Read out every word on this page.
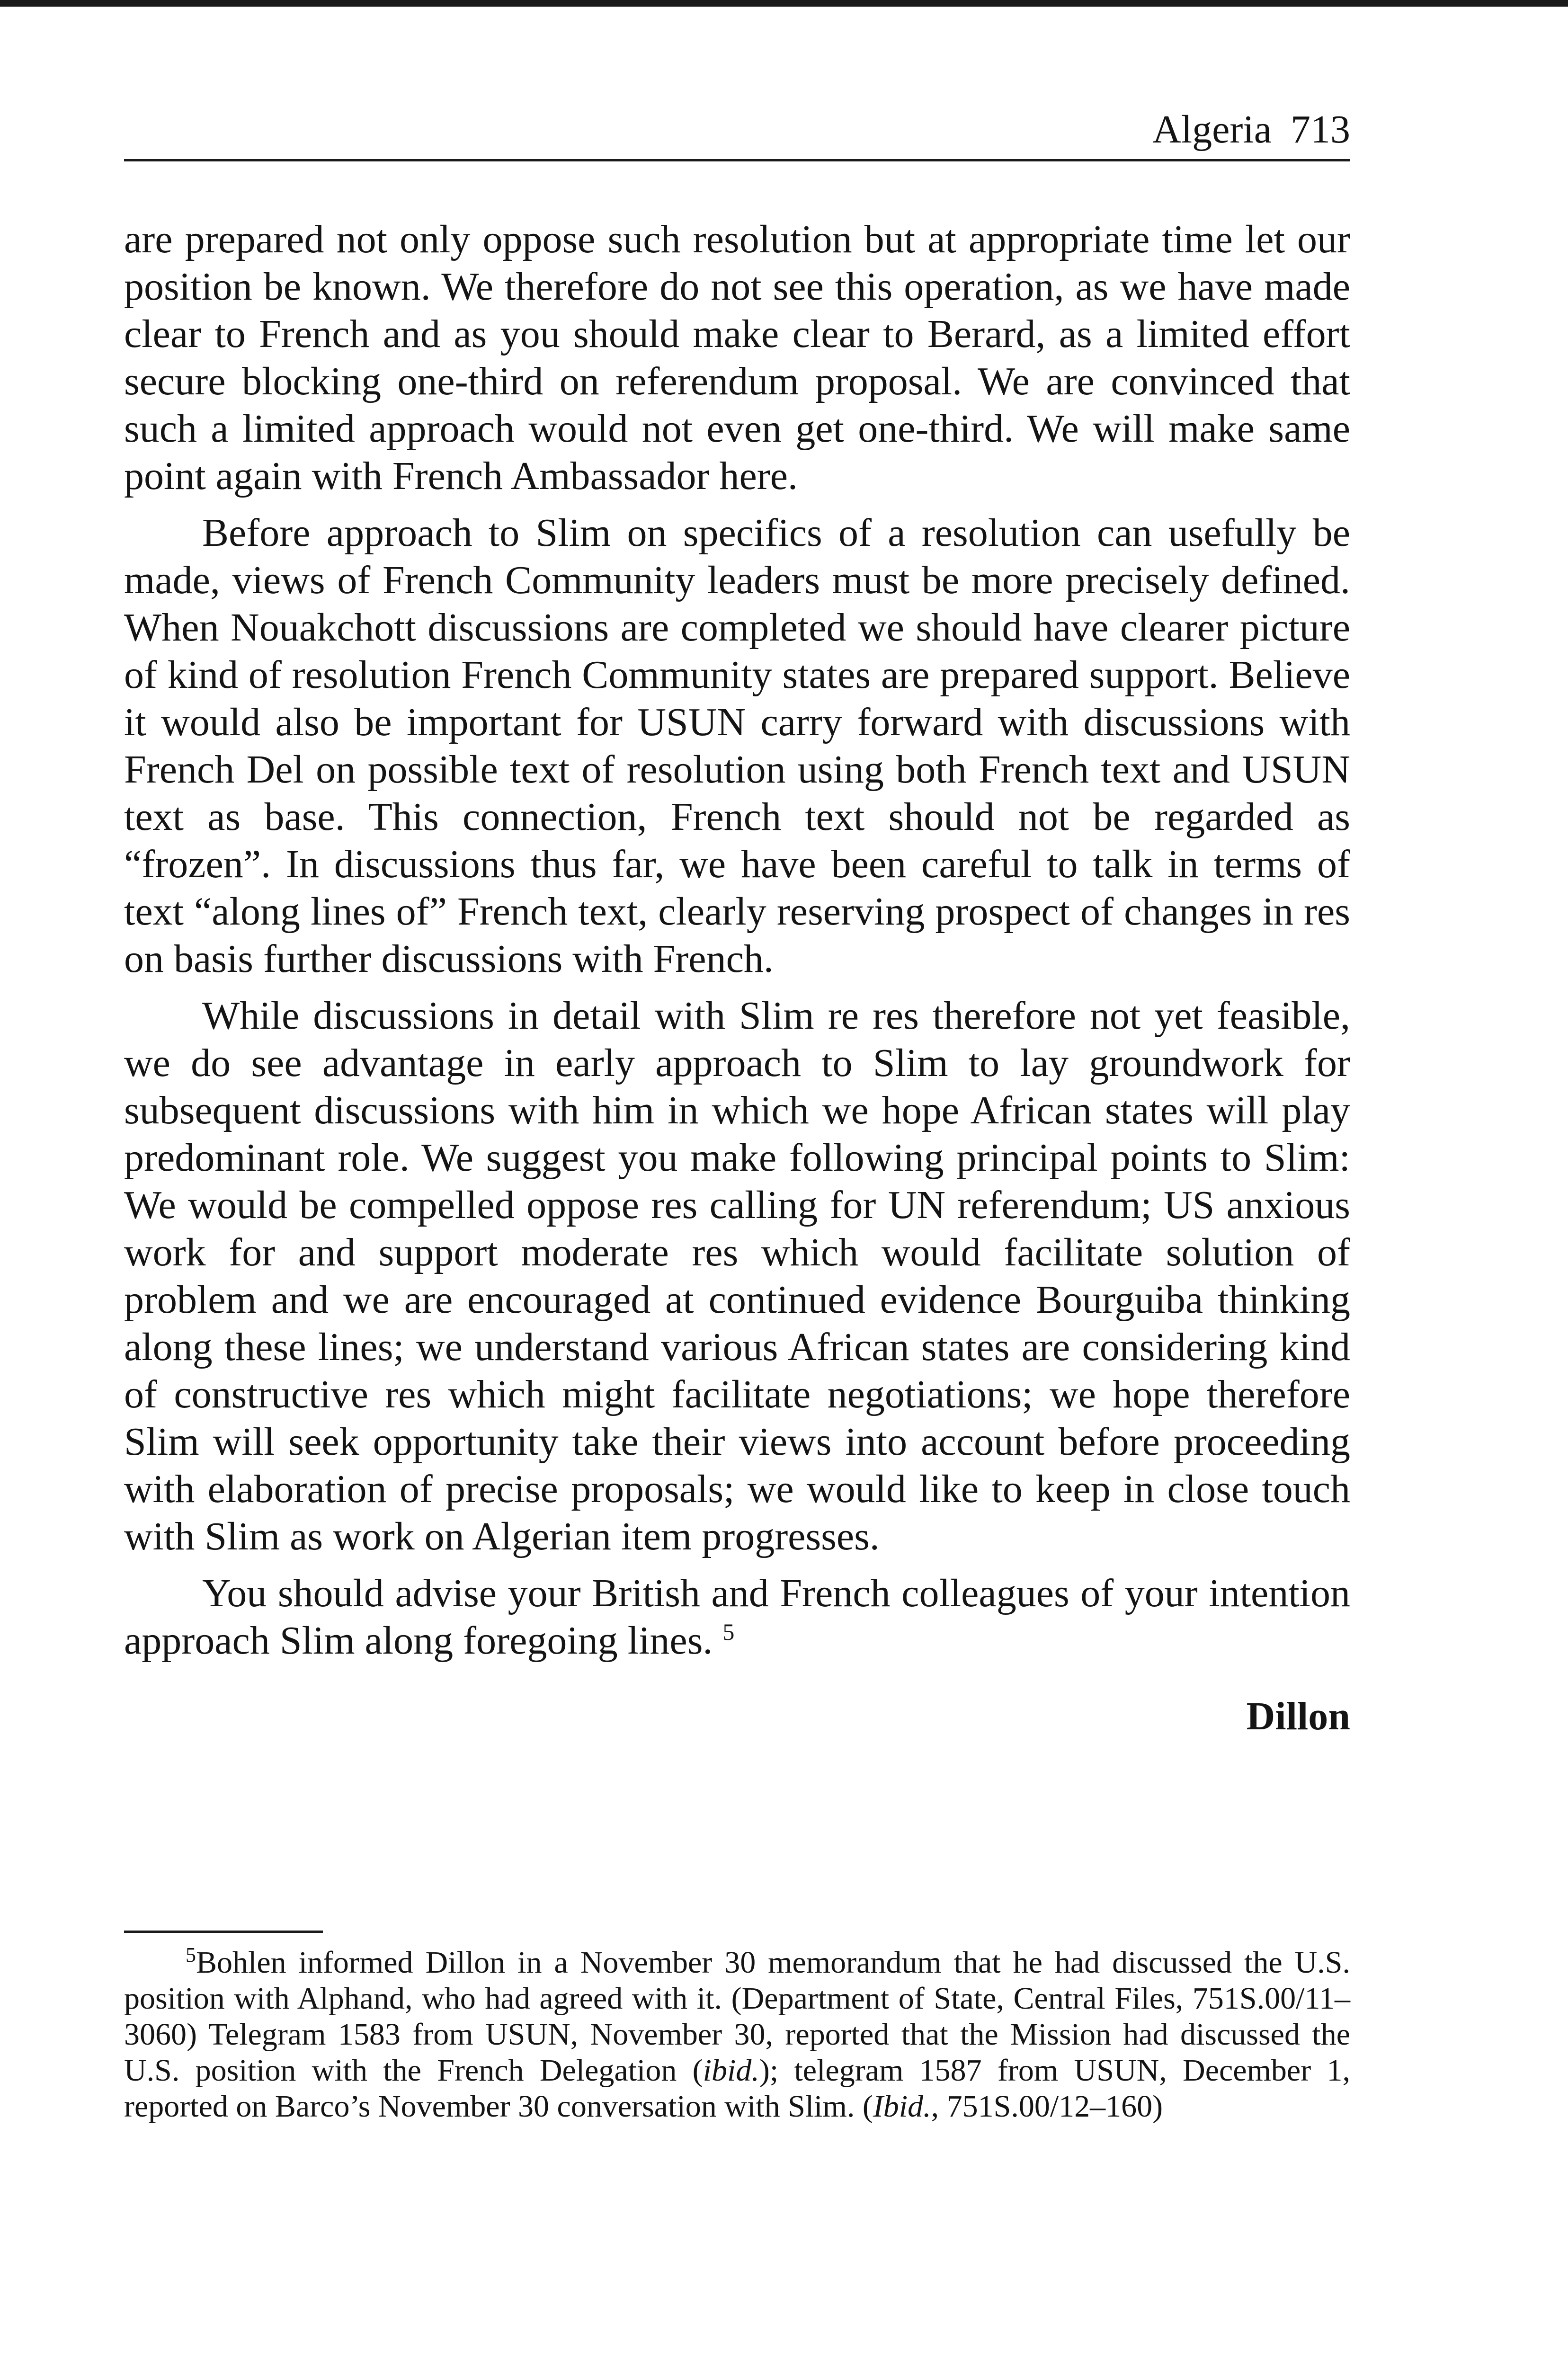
Algeria 713

are prepared not only oppose such resolution but at appropriate time let our position be known. We therefore do not see this operation, as we have made clear to French and as you should make clear to Berard, as a limited effort secure blocking one-third on referendum proposal. We are convinced that such a limited approach would not even get one-third. We will make same point again with French Ambassador here.

Before approach to Slim on specifics of a resolution can usefully be made, views of French Community leaders must be more precisely defined. When Nouakchott discussions are completed we should have clearer picture of kind of resolution French Community states are prepared support. Believe it would also be important for USUN carry forward with discussions with French Del on possible text of resolution using both French text and USUN text as base. This connection, French text should not be regarded as “frozen”. In discussions thus far, we have been careful to talk in terms of text “along lines of” French text, clearly reserving prospect of changes in res on basis further discussions with French.

While discussions in detail with Slim re res therefore not yet feasible, we do see advantage in early approach to Slim to lay groundwork for subsequent discussions with him in which we hope African states will play predominant role. We suggest you make following principal points to Slim: We would be compelled oppose res calling for UN referendum; US anxious work for and support moderate res which would facilitate solution of problem and we are encouraged at continued evidence Bourguiba thinking along these lines; we understand various African states are considering kind of constructive res which might facilitate negotiations; we hope therefore Slim will seek opportunity take their views into account before proceeding with elaboration of precise proposals; we would like to keep in close touch with Slim as work on Algerian item progresses.

You should advise your British and French colleagues of your intention approach Slim along foregoing lines. $^5$

Dillon

$^5$Bohlen informed Dillon in a November 30 memorandum that he had discussed the U.S. position with Alphand, who had agreed with it. (Department of State, Central Files, 751S.00/11–3060) Telegram 1583 from USUN, November 30, reported that the Mission had discussed the U.S. position with the French Delegation (ibid.); telegram 1587 from USUN, December 1, reported on Barco’s November 30 conversation with Slim. (Ibid., 751S.00/12–160)
